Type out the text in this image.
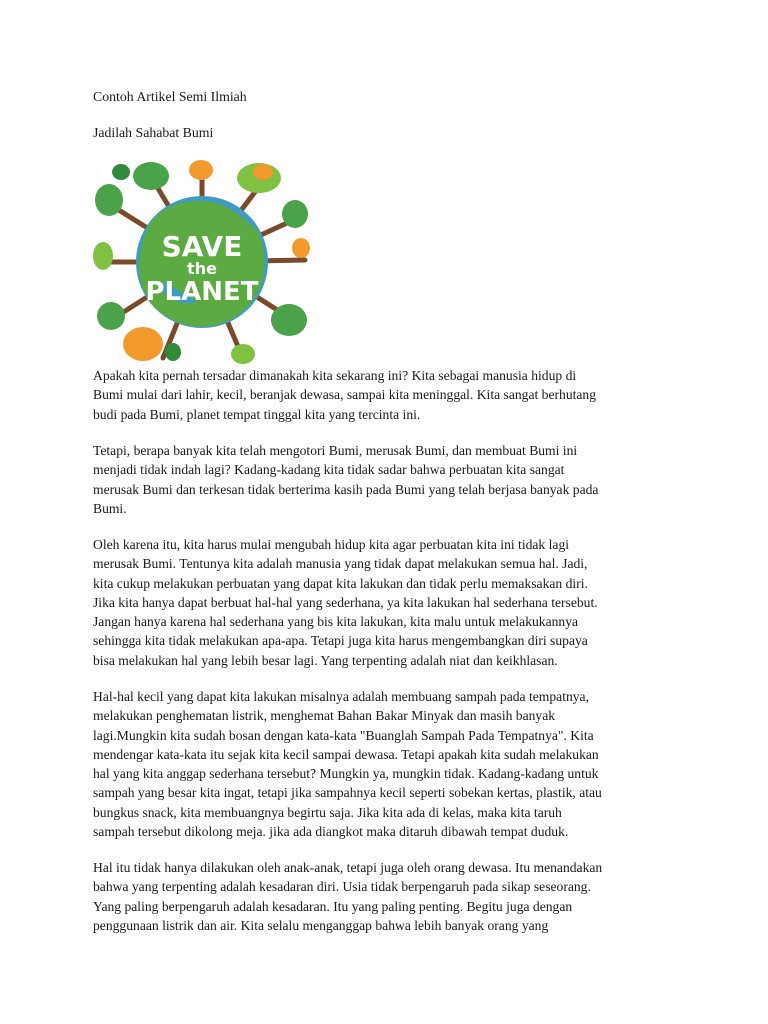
Contoh Artikel Semi Ilmiah
Jadilah Sahabat Bumi
SAVE
the
PLANET

Apakah kita pernah tersadar dimanakah kita sekarang ini? Kita sebagai manusia hidup di
Bumi mulai dari lahir, kecil, beranjak dewasa, sampai kita meninggal. Kita sangat berhutang
budi pada Bumi, planet tempat tinggal kita yang tercinta ini.

Tetapi, berapa banyak kita telah mengotori Bumi, merusak Bumi, dan membuat Bumi ini
menjadi tidak indah lagi? Kadang-kadang kita tidak sadar bahwa perbuatan kita sangat
merusak Bumi dan terkesan tidak berterima kasih pada Bumi yang telah berjasa banyak pada
Bumi.

Oleh karena itu, kita harus mulai mengubah hidup kita agar perbuatan kita ini tidak lagi
merusak Bumi. Tentunya kita adalah manusia yang tidak dapat melakukan semua hal. Jadi,
kita cukup melakukan perbuatan yang dapat kita lakukan dan tidak perlu memaksakan diri.
Jika kita hanya dapat berbuat hal-hal yang sederhana, ya kita lakukan hal sederhana tersebut.
Jangan hanya karena hal sederhana yang bis kita lakukan, kita malu untuk melakukannya
sehingga kita tidak melakukan apa-apa. Tetapi juga kita harus mengembangkan diri supaya
bisa melakukan hal yang lebih besar lagi. Yang terpenting adalah niat dan keikhlasan.

Hal-hal kecil yang dapat kita lakukan misalnya adalah membuang sampah pada tempatnya,
melakukan penghematan listrik, menghemat Bahan Bakar Minyak dan masih banyak
lagi.Mungkin kita sudah bosan dengan kata-kata "Buanglah Sampah Pada Tempatnya". Kita
mendengar kata-kata itu sejak kita kecil sampai dewasa. Tetapi apakah kita sudah melakukan
hal yang kita anggap sederhana tersebut? Mungkin ya, mungkin tidak. Kadang-kadang untuk
sampah yang besar kita ingat, tetapi jika sampahnya kecil seperti sobekan kertas, plastik, atau
bungkus snack, kita membuangnya begirtu saja. Jika kita ada di kelas, maka kita taruh
sampah tersebut dikolong meja. jika ada diangkot maka ditaruh dibawah tempat duduk.

Hal itu tidak hanya dilakukan oleh anak-anak, tetapi juga oleh orang dewasa. Itu menandakan
bahwa yang terpenting adalah kesadaran diri. Usia tidak berpengaruh pada sikap seseorang.
Yang paling berpengaruh adalah kesadaran. Itu yang paling penting. Begitu juga dengan
penggunaan listrik dan air. Kita selalu menganggap bahwa lebih banyak orang yang
